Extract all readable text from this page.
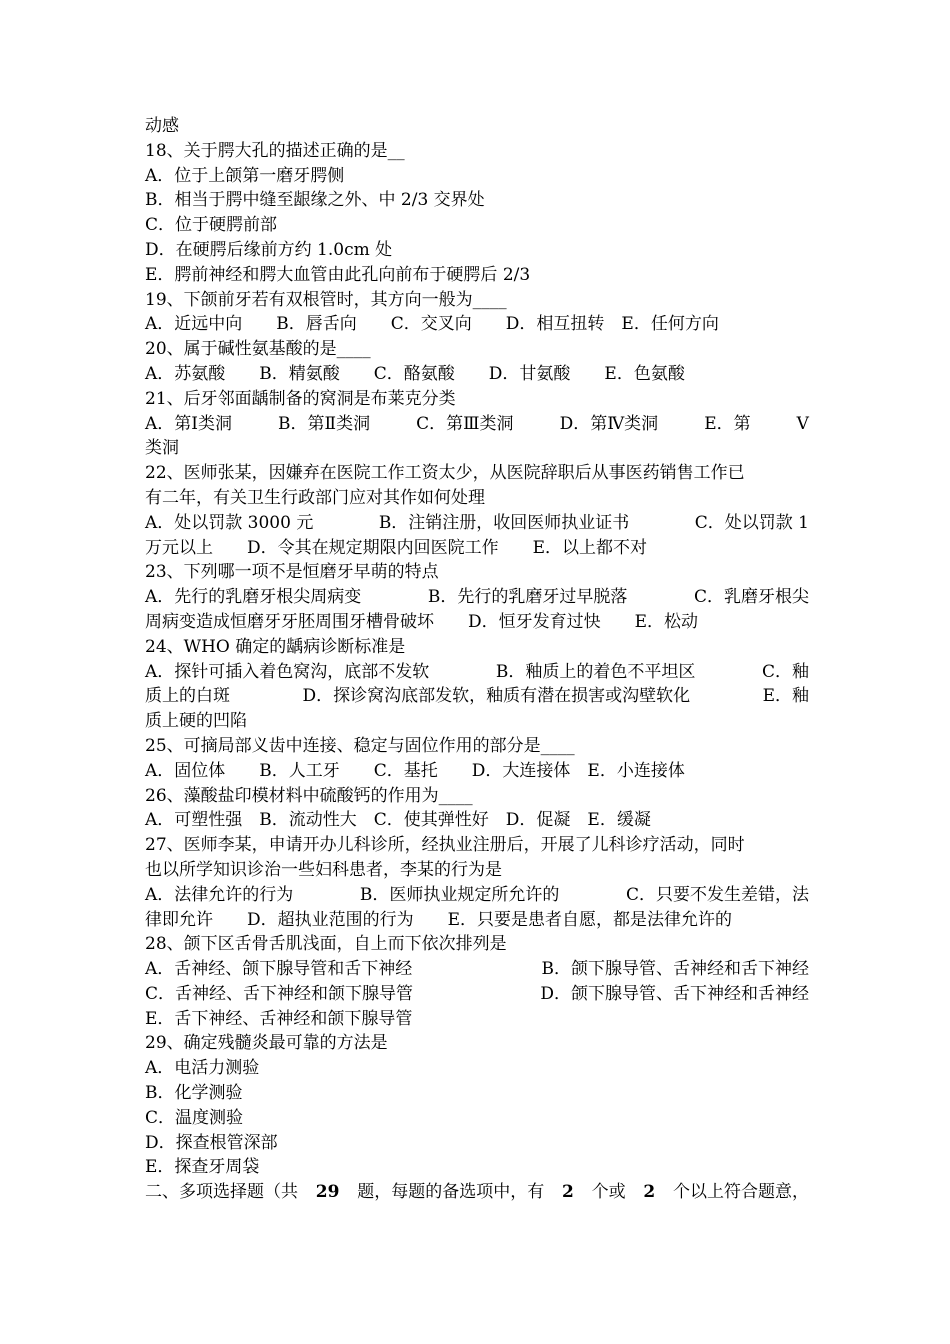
动感
18、关于腭大孔的描述正确的是__
A．位于上颌第一磨牙腭侧
B．相当于腭中缝至龈缘之外、中 2/3 交界处
C．位于硬腭前部
D．在硬腭后缘前方约 1.0cm 处
E．腭前神经和腭大血管由此孔向前布于硬腭后 2/3
19、下颌前牙若有双根管时，其方向一般为____
A．近远中向　　B．唇舌向　　C．交叉向　　D．相互扭转　E．任何方向
20、属于碱性氨基酸的是____
A．苏氨酸　　B．精氨酸　　C．酪氨酸　　D．甘氨酸　　E．色氨酸
21、后牙邻面龋制备的窝洞是布莱克分类
A．第Ⅰ类洞	B．第Ⅱ类洞	C．第Ⅲ类洞	D．第Ⅳ类洞	E．第	V
类洞
22、医师张某，因嫌弃在医院工作工资太少，从医院辞职后从事医药销售工作已
有二年，有关卫生行政部门应对其作如何处理
A．处以罚款 3000 元	B．注销注册，收回医师执业证书	C．处以罚款 1
万元以上　　D．令其在规定期限内回医院工作　　E．以上都不对
23、下列哪一项不是恒磨牙早萌的特点
A．先行的乳磨牙根尖周病变	B．先行的乳磨牙过早脱落	C．乳磨牙根尖
周病变造成恒磨牙牙胚周围牙槽骨破坏　　D．恒牙发育过快　　E．松动
24、WHO 确定的龋病诊断标准是
A．探针可插入着色窝沟，底部不发软	B．釉质上的着色不平坦区	C．釉
质上的白斑	D．探诊窝沟底部发软，釉质有潜在损害或沟壁软化	E．釉
质上硬的凹陷
25、可摘局部义齿中连接、稳定与固位作用的部分是____
A．固位体　　B．人工牙　　C．基托　　D．大连接体　E．小连接体
26、藻酸盐印模材料中硫酸钙的作用为____
A．可塑性强　B．流动性大　C．使其弹性好　D．促凝　E．缓凝
27、医师李某，申请开办儿科诊所，经执业注册后，开展了儿科诊疗活动，同时
也以所学知识诊治一些妇科患者，李某的行为是
A．法律允许的行为	B．医师执业规定所允许的	C．只要不发生差错，法
律即允许　　D．超执业范围的行为　　E．只要是患者自愿，都是法律允许的
28、颌下区舌骨舌肌浅面，自上而下依次排列是
A．舌神经、颌下腺导管和舌下神经	B．颌下腺导管、舌神经和舌下神经
C．舌神经、舌下神经和颌下腺导管	D．颌下腺导管、舌下神经和舌神经
E．舌下神经、舌神经和颌下腺导管
29、确定残髓炎最可靠的方法是
A．电活力测验
B．化学测验
C．温度测验
D．探查根管深部
E．探查牙周袋
二、多项选择题（共 29 题，每题的备选项中，有 2 个或 2 个以上符合题意，
